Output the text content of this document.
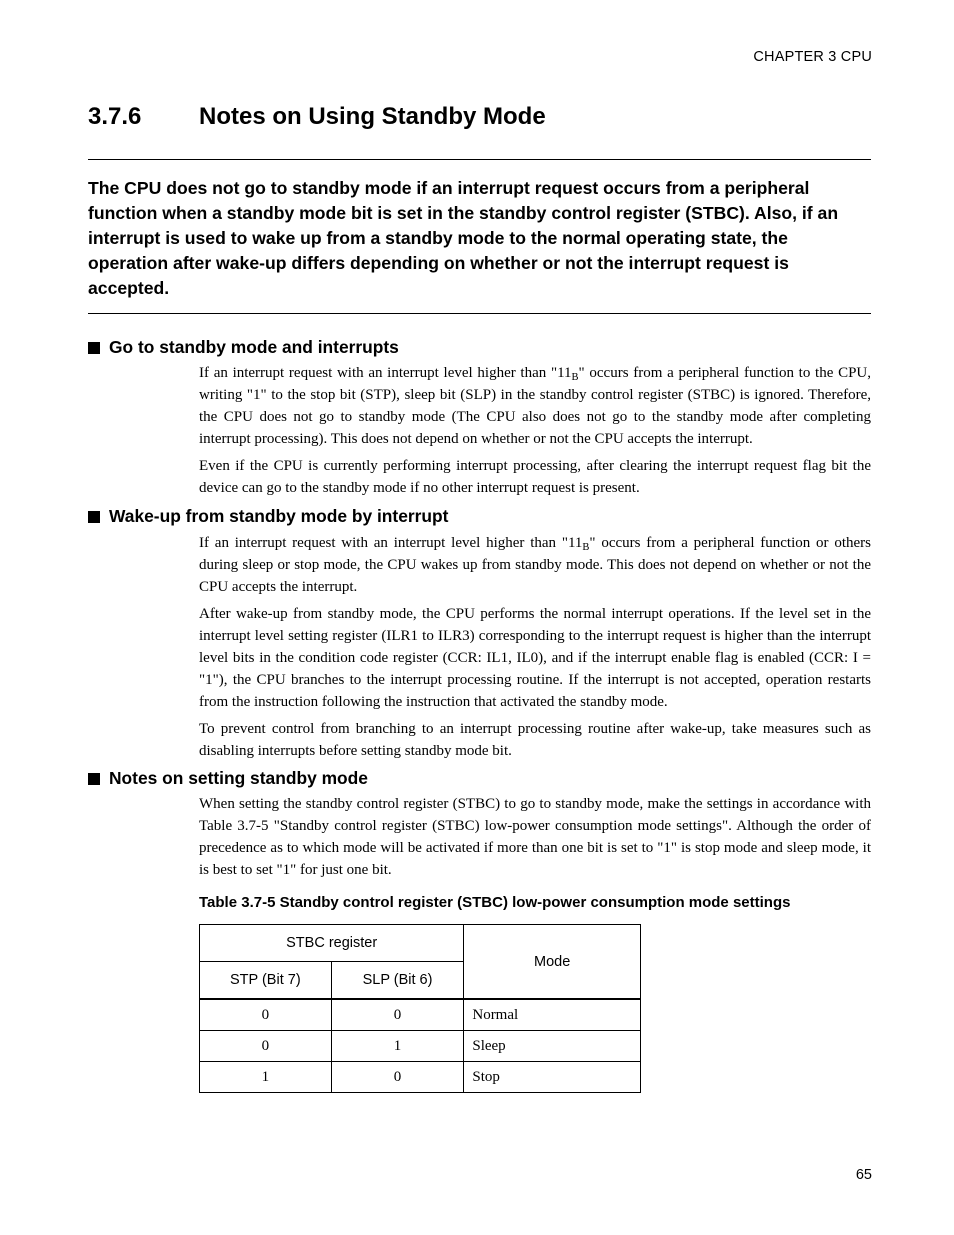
CHAPTER 3 CPU
3.7.6 Notes on Using Standby Mode
The CPU does not go to standby mode if an interrupt request occurs from a peripheral function when a standby mode bit is set in the standby control register (STBC). Also, if an interrupt is used to wake up from a standby mode to the normal operating state, the operation after wake-up differs depending on whether or not the interrupt request is accepted.
Go to standby mode and interrupts

If an interrupt request with an interrupt level higher than "$11_B$" occurs from a peripheral function to the CPU, writing "1" to the stop bit (STP), sleep bit (SLP) in the standby control register (STBC) is ignored. Therefore, the CPU does not go to standby mode (The CPU also does not go to the standby mode after completing interrupt processing). This does not depend on whether or not the CPU accepts the interrupt.

Even if the CPU is currently performing interrupt processing, after clearing the interrupt request flag bit the device can go to the standby mode if no other interrupt request is present.

Wake-up from standby mode by interrupt

If an interrupt request with an interrupt level higher than "$11_B$" occurs from a peripheral function or others during sleep or stop mode, the CPU wakes up from standby mode. This does not depend on whether or not the CPU accepts the interrupt.

After wake-up from standby mode, the CPU performs the normal interrupt operations. If the level set in the interrupt level setting register (ILR1 to ILR3) corresponding to the interrupt request is higher than the interrupt level bits in the condition code register (CCR: IL1, IL0), and if the interrupt enable flag is enabled (CCR: I = "1"), the CPU branches to the interrupt processing routine. If the interrupt is not accepted, operation restarts from the instruction following the instruction that activated the standby mode.

To prevent control from branching to an interrupt processing routine after wake-up, take measures such as disabling interrupts before setting standby mode bit.

Notes on setting standby mode

When setting the standby control register (STBC) to go to standby mode, make the settings in accordance with Table 3.7-5 "Standby control register (STBC) low-power consumption mode settings". Although the order of precedence as to which mode will be activated if more than one bit is set to "1" is stop mode and sleep mode, it is best to set "1" for just one bit.

Table 3.7-5 Standby control register (STBC) low-power consumption mode settings
STBC register		Mode
STP (Bit 7)	SLP (Bit 6)	
0	0	Normal
0	1	Sleep
1	0	Stop
65
